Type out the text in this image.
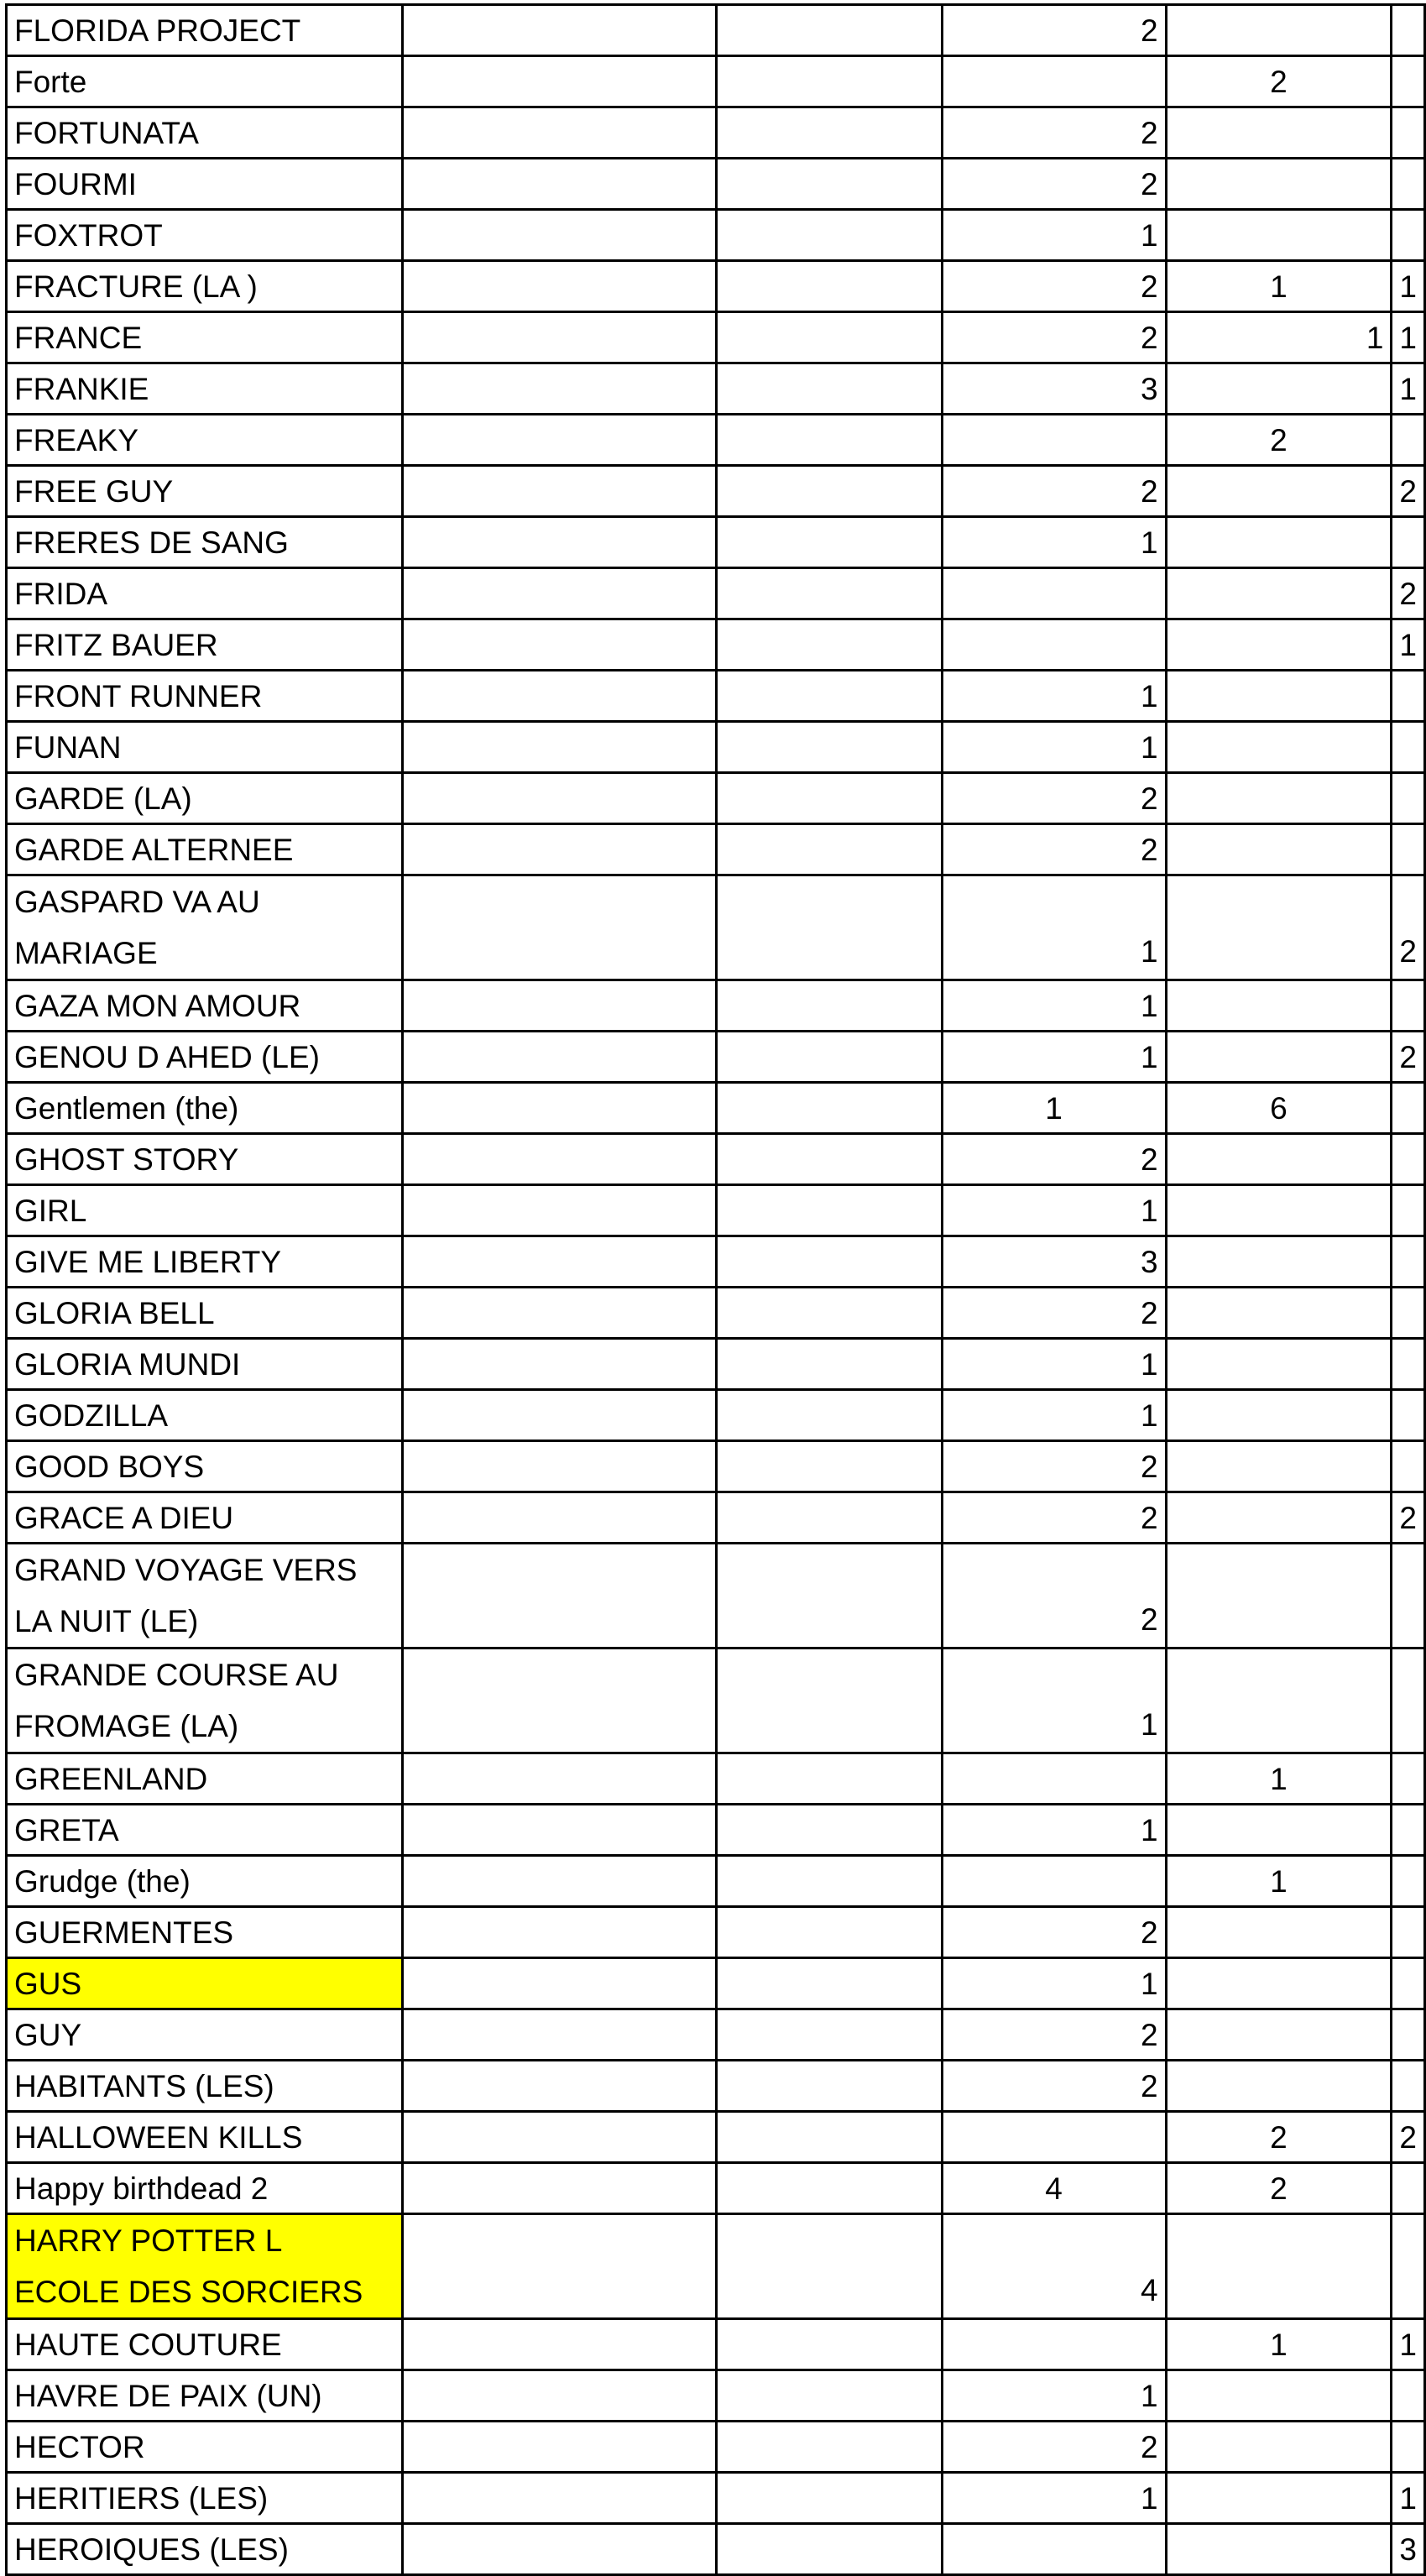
FLORIDA PROJECT			2		
Forte				2	
FORTUNATA			2		
FOURMI			2		
FOXTROT			1		
FRACTURE (LA )			2	1	1
FRANCE			2	1	1
FRANKIE			3		1
FREAKY				2	
FREE GUY			2		2
FRERES DE SANG			1		
FRIDA					2
FRITZ BAUER					1
FRONT RUNNER			1		
FUNAN			1		
GARDE (LA)			2		
GARDE ALTERNEE			2		
GASPARD VA AU MARIAGE			1		2
GAZA MON AMOUR			1		
GENOU D AHED (LE)			1		2
Gentlemen (the)			1	6	
GHOST STORY			2		
GIRL			1		
GIVE ME LIBERTY			3		
GLORIA BELL			2		
GLORIA MUNDI			1		
GODZILLA			1		
GOOD BOYS			2		
GRACE A DIEU			2		2
GRAND VOYAGE VERS LA NUIT (LE)			2		
GRANDE COURSE AU FROMAGE (LA)			1		
GREENLAND				1	
GRETA			1		
Grudge (the)				1	
GUERMENTES			2		
GUS			1		
GUY			2		
HABITANTS (LES)			2		
HALLOWEEN KILLS				2	2
Happy birthdead 2			4	2	
HARRY POTTER L ECOLE DES SORCIERS			4		
HAUTE COUTURE				1	1
HAVRE DE PAIX (UN)			1		
HECTOR			2		
HERITIERS (LES)			1		1
HEROIQUES (LES)					3
